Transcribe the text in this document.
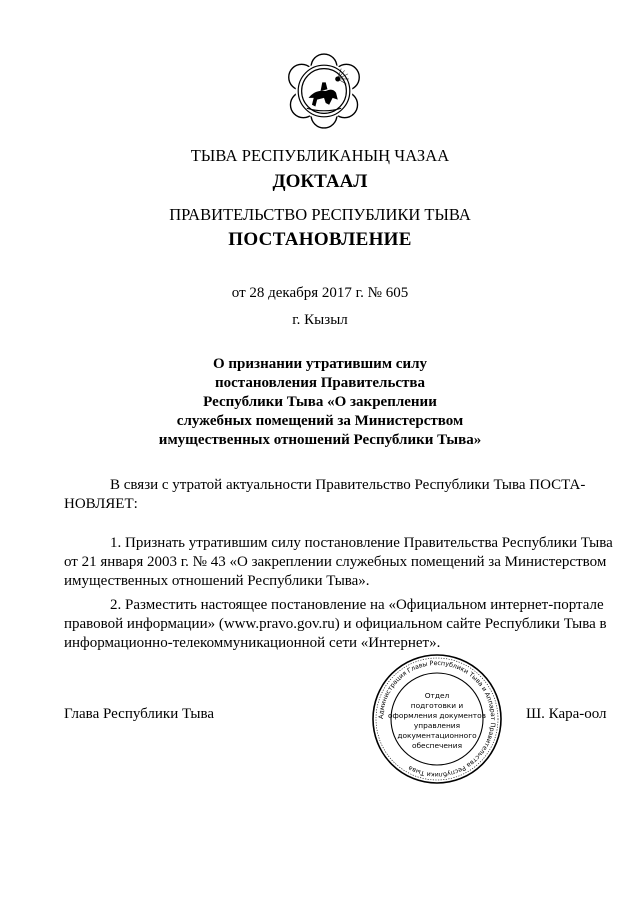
ТЫВА РЕСПУБЛИКАНЫҢ ЧАЗАА
ДОКТААЛ
ПРАВИТЕЛЬСТВО РЕСПУБЛИКИ ТЫВА
ПОСТАНОВЛЕНИЕ
от 28 декабря 2017 г. № 605
г. Кызыл
О признании утратившим силу
постановления Правительства
Республики Тыва «О закреплении
служебных помещений за Министерством
имущественных отношений Республики Тыва»
В связи с утратой актуальности Правительство Республики Тыва ПОСТА-
НОВЛЯЕТ:
1. Признать утратившим силу постановление Правительства Республики Тыва
от 21 января 2003 г. № 43 «О закреплении служебных помещений за Министерством
имущественных отношений Республики Тыва».
2. Разместить настоящее постановление на «Официальном интернет-портале
правовой информации» (www.pravo.gov.ru) и официальном сайте Республики Тыва в
информационно-телекоммуникационной сети «Интернет».
Администрация Главы Республики Тыва и Аппарат Правительства Республики Тыва
Отдел
подготовки и
оформления документов
управления
документационного
обеспечения
Глава Республики Тыва	Ш. Кара-оол
